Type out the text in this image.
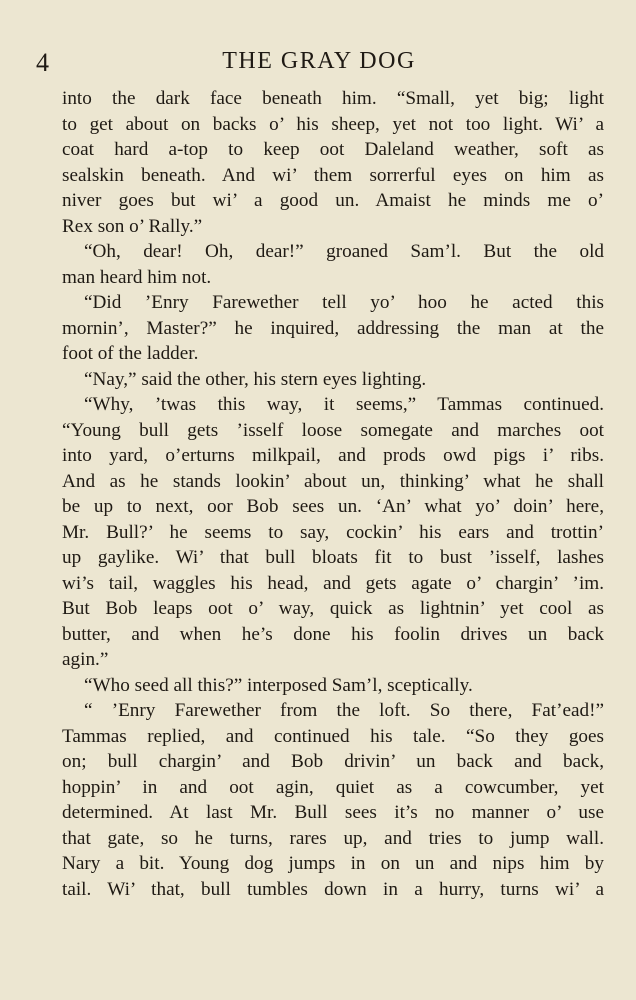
4	THE GRAY DOG
into the dark face beneath him. “Small, yet big; light
to get about on backs o’ his sheep, yet not too light. Wi’ a
coat hard a-top to keep oot Daleland weather, soft as
sealskin beneath. And wi’ them sorrerful eyes on him as
niver goes but wi’ a good un. Amaist he minds me o’
Rex son o’ Rally.”
“Oh, dear! Oh, dear!” groaned Sam’l. But the old
man heard him not.
“Did ’Enry Farewether tell yo’ hoo he acted this
mornin’, Master?” he inquired, addressing the man at the
foot of the ladder.
“Nay,” said the other, his stern eyes lighting.
“Why, ’twas this way, it seems,” Tammas continued.
“Young bull gets ’isself loose somegate and marches oot
into yard, o’erturns milkpail, and prods owd pigs i’ ribs.
And as he stands lookin’ about un, thinking’ what he shall
be up to next, oor Bob sees un. ‘An’ what yo’ doin’ here,
Mr. Bull?’ he seems to say, cockin’ his ears and trottin’
up gaylike. Wi’ that bull bloats fit to bust ’isself, lashes
wi’s tail, waggles his head, and gets agate o’ chargin’ ’im.
But Bob leaps oot o’ way, quick as lightnin’ yet cool as
butter, and when he’s done his foolin drives un back
agin.”
“Who seed all this?” interposed Sam’l, sceptically.
“ ’Enry Farewether from the loft. So there, Fat’ead!”
Tammas replied, and continued his tale. “So they goes
on; bull chargin’ and Bob drivin’ un back and back,
hoppin’ in and oot agin, quiet as a cowcumber, yet
determined. At last Mr. Bull sees it’s no manner o’ use
that gate, so he turns, rares up, and tries to jump wall.
Nary a bit. Young dog jumps in on un and nips him by
tail. Wi’ that, bull tumbles down in a hurry, turns wi’ a
